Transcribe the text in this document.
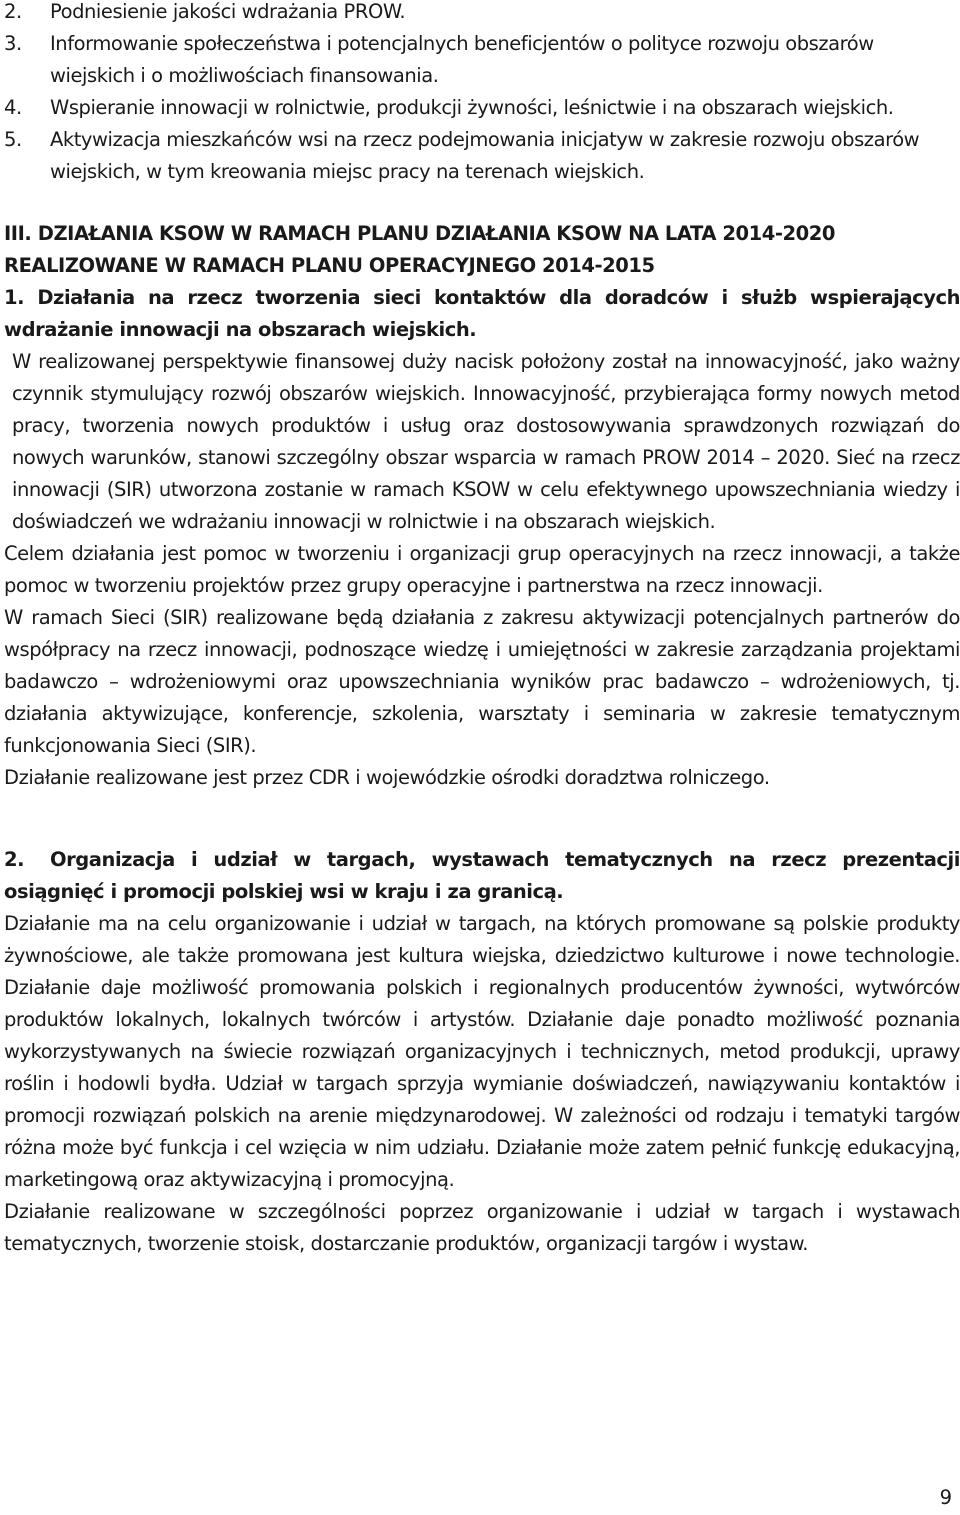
2. Podniesienie jakości wdrażania PROW.

3. Informowanie społeczeństwa i potencjalnych beneficjentów o polityce rozwoju obszarów wiejskich i o możliwościach finansowania.

4. Wspieranie innowacji w rolnictwie, produkcji żywności, leśnictwie i na obszarach wiejskich.

5. Aktywizacja mieszkańców wsi na rzecz podejmowania inicjatyw w zakresie rozwoju obszarów wiejskich, w tym kreowania miejsc pracy na terenach wiejskich.

III. DZIAŁANIA KSOW W RAMACH PLANU DZIAŁANIA KSOW NA LATA 2014-2020 REALIZOWANE W RAMACH PLANU OPERACYJNEGO 2014-2015

1. Działania na rzecz tworzenia sieci kontaktów dla doradców i służb wspierających wdrażanie innowacji na obszarach wiejskich.

W realizowanej perspektywie finansowej duży nacisk położony został na innowacyjność, jako ważny czynnik stymulujący rozwój obszarów wiejskich. Innowacyjność, przybierająca formy nowych metod pracy, tworzenia nowych produktów i usług oraz dostosowywania sprawdzonych rozwiązań do nowych warunków, stanowi szczególny obszar wsparcia w ramach PROW 2014 – 2020. Sieć na rzecz innowacji (SIR) utworzona zostanie w ramach KSOW w celu efektywnego upowszechniania wiedzy i doświadczeń we wdrażaniu innowacji w rolnictwie i na obszarach wiejskich.

Celem działania jest pomoc w tworzeniu i organizacji grup operacyjnych na rzecz innowacji, a także pomoc w tworzeniu projektów przez grupy operacyjne i partnerstwa na rzecz innowacji.

W ramach Sieci (SIR) realizowane będą działania z zakresu aktywizacji potencjalnych partnerów do współpracy na rzecz innowacji, podnoszące wiedzę i umiejętności w zakresie zarządzania projektami badawczo – wdrożeniowymi oraz upowszechniania wyników prac badawczo – wdrożeniowych, tj. działania aktywizujące, konferencje, szkolenia, warsztaty i seminaria w zakresie tematycznym funkcjonowania Sieci (SIR).

Działanie realizowane jest przez CDR i wojewódzkie ośrodki doradztwa rolniczego.

2. Organizacja i udział w targach, wystawach tematycznych na rzecz prezentacji osiągnięć i promocji polskiej wsi w kraju i za granicą.

Działanie ma na celu organizowanie i udział w targach, na których promowane są polskie produkty żywnościowe, ale także promowana jest kultura wiejska, dziedzictwo kulturowe i nowe technologie. Działanie daje możliwość promowania polskich i regionalnych producentów żywności, wytwórców produktów lokalnych, lokalnych twórców i artystów. Działanie daje ponadto możliwość poznania wykorzystywanych na świecie rozwiązań organizacyjnych i technicznych, metod produkcji, uprawy roślin i hodowli bydła. Udział w targach sprzyja wymianie doświadczeń, nawiązywaniu kontaktów i promocji rozwiązań polskich na arenie międzynarodowej. W zależności od rodzaju i tematyki targów różna może być funkcja i cel wzięcia w nim udziału. Działanie może zatem pełnić funkcję edukacyjną, marketingową oraz aktywizacyjną i promocyjną.

Działanie realizowane w szczególności poprzez organizowanie i udział w targach i wystawach tematycznych, tworzenie stoisk, dostarczanie produktów, organizacji targów i wystaw.

9
